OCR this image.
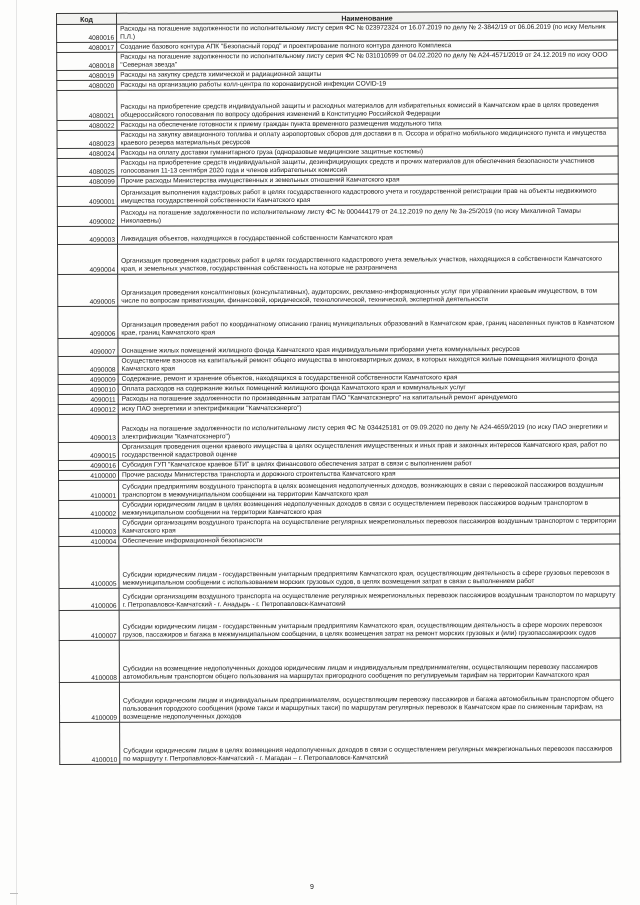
Код	Наименование
4080016	Расходы на погашение задолженности по исполнительному листу серия ФС № 023972324 от 16.07.2019 по делу № 2-3842/19 от 06.06.2019 (по иску Мельник П.Л.)
4080017	Создание базового контура АПК "Безопасный город" и проектирование полного контура данного Комплекса
4080018	Расходы на погашение задолженности по исполнительному листу серия ФС № 031010599 от 04.02.2020 по делу № А24-4571/2019 от 24.12.2019 по иску ООО "Северная звезда"
4080019	Расходы на закупку средств химической и радиационной защиты
4080020	Расходы на организацию работы колл-центра по коронавирусной инфекции COVID-19
4080021	Расходы на приобретение средств индивидуальной защиты и расходных материалов для избирательных комиссий в Камчатском крае в целях проведения общероссийского голосования по вопросу одобрения изменений в Конституцию Российской Федерации
4080022	Расходы на обеспечение готовности к приему граждан пункта временного размещения модульного типа
4080023	Расходы на закупку авиационного топлива и оплату аэропортовых сборов для доставки в п. Оссора и обратно мобильного медицинского пункта и имущества краевого резерва материальных ресурсов
4080024	Расходы на оплату доставки гуманитарного груза (одноразовые медицинские защитные костюмы)
4080025	Расходы на приобретение средств индивидуальной защиты, дезинфицирующих средств и прочих материалов для обеспечения безопасности участников голосования 11-13 сентября 2020 года и членов избирательных комиссий
4080099	Прочие расходы Министерства имущественных и земельных отношений Камчатского края
4090001	Организация выполнения кадастровых работ в целях государственного кадастрового учета и государственной регистрации прав на объекты недвижимого имущества государственной собственности Камчатского края
4090002	Расходы на погашение задолженности по исполнительному листу ФС № 000444179 от 24.12.2019 по делу № 3а-25/2019 (по иску Михалиной Тамары Николаевны)
4090003	Ликвидация объектов, находящихся в государственной собственности Камчатского края
4090004	Организация проведения кадастровых работ в целях государственного кадастрового учета земельных участков, находящихся в собственности Камчатского края, и земельных участков, государственная собственность на которые не разграничена
4090005	Организация проведения консалтинговых (консультативных), аудиторских, рекламно-информационных услуг при управлении краевым имуществом, в том числе по вопросам приватизации, финансовой, юридической, технологической, технической, экспертной деятельности
4090006	Организация проведения работ по координатному описанию границ муниципальных образований в Камчатском крае, границ населенных пунктов в Камчатском крае, границ Камчатского края
4090007	Оснащение жилых помещений жилищного фонда Камчатского края индивидуальными приборами учета коммунальных ресурсов
4090008	Осуществление взносов на капитальный ремонт общего имущества в многоквартирных домах, в которых находятся жилые помещения жилищного фонда Камчатского края
4090009	Содержание, ремонт и хранение объектов, находящихся в государственной собственности Камчатского края
4090010	Оплата расходов на содержание жилых помещений жилищного фонда Камчатского края и коммунальных услуг
4090011	Расходы на погашение задолженности по произведенным затратам ПАО "Камчатскэнерго" на капитальный ремонт арендуемого
4090012	иску ПАО энергетики и электрификации "Камчатскэнерго")
4090013	Расходы на погашение задолженности по исполнительному листу серия ФС № 034425181 от 09.09.2020 по делу № А24-4659/2019 (по иску ПАО энергетики и электрификации "Камчатскэнерго")
4090015	Организация проведения оценки краевого имущества в целях осуществления имущественных и иных прав и законных интересов Камчатского края, работ по государственной кадастровой оценке
4090016	Субсидия ГУП "Камчатское краевое БТИ" в целях финансового обеспечения затрат в связи с выполнением работ
4100000	Прочие расходы Министерства транспорта и дорожного строительства Камчатского края
4100001	Субсидии предприятиям воздушного транспорта в целях возмещения недополученных доходов, возникающих в связи с перевозкой пассажиров воздушным транспортом в межмуниципальном сообщении на территории Камчатского края
4100002	Субсидии юридическим лицам в целях возмещения недополученных доходов в связи с осуществлением перевозок пассажиров водным транспортом в межмуниципальном сообщении на территории Камчатского края
4100003	Субсидии организациям воздушного транспорта на осуществление регулярных межрегиональных перевозок пассажиров воздушным транспортом с территории Камчатского края
4100004	Обеспечение информационной безопасности
4100005	Субсидии юридическим лицам - государственным унитарным предприятиям Камчатского края, осуществляющим деятельность в сфере грузовых перевозок в межмуниципальном сообщении с использованием морских грузовых судов, в целях возмещения затрат в связи с выполнением работ
4100006	Субсидии организациям воздушного транспорта на осуществление регулярных межрегиональных перевозок пассажиров воздушным транспортом по маршруту г. Петропавловск-Камчатский - г. Анадырь - г. Петропавловск-Камчатский
4100007	Субсидии юридическим лицам - государственным унитарным предприятиям Камчатского края, осуществляющим деятельность в сфере морских перевозок грузов, пассажиров и багажа в межмуниципальном сообщении, в целях возмещения затрат на ремонт морских грузовых и (или) грузопассажирских судов
4100008	Субсидии на возмещение недополученных доходов юридическим лицам и индивидуальным предпринимателям, осуществляющим перевозку пассажиров автомобильным транспортом общего пользования на маршрутах пригородного сообщения по регулируемым тарифам на территории Камчатского края
4100009	Субсидии юридическим лицам и индивидуальным предпринимателям, осуществляющим перевозку пассажиров и багажа автомобильным транспортом общего пользования городского сообщения (кроме такси и маршрутных такси) по маршрутам регулярных перевозок в Камчатском крае по сниженным тарифам, на возмещение недополученных доходов
4100010	Субсидии юридическим лицам в целях возмещения недополученных доходов в связи с осуществлением регулярных межрегиональных перевозок пассажиров по маршруту г. Петропавловск-Камчатский - г. Магадан – г. Петропавловск-Камчатский
9
